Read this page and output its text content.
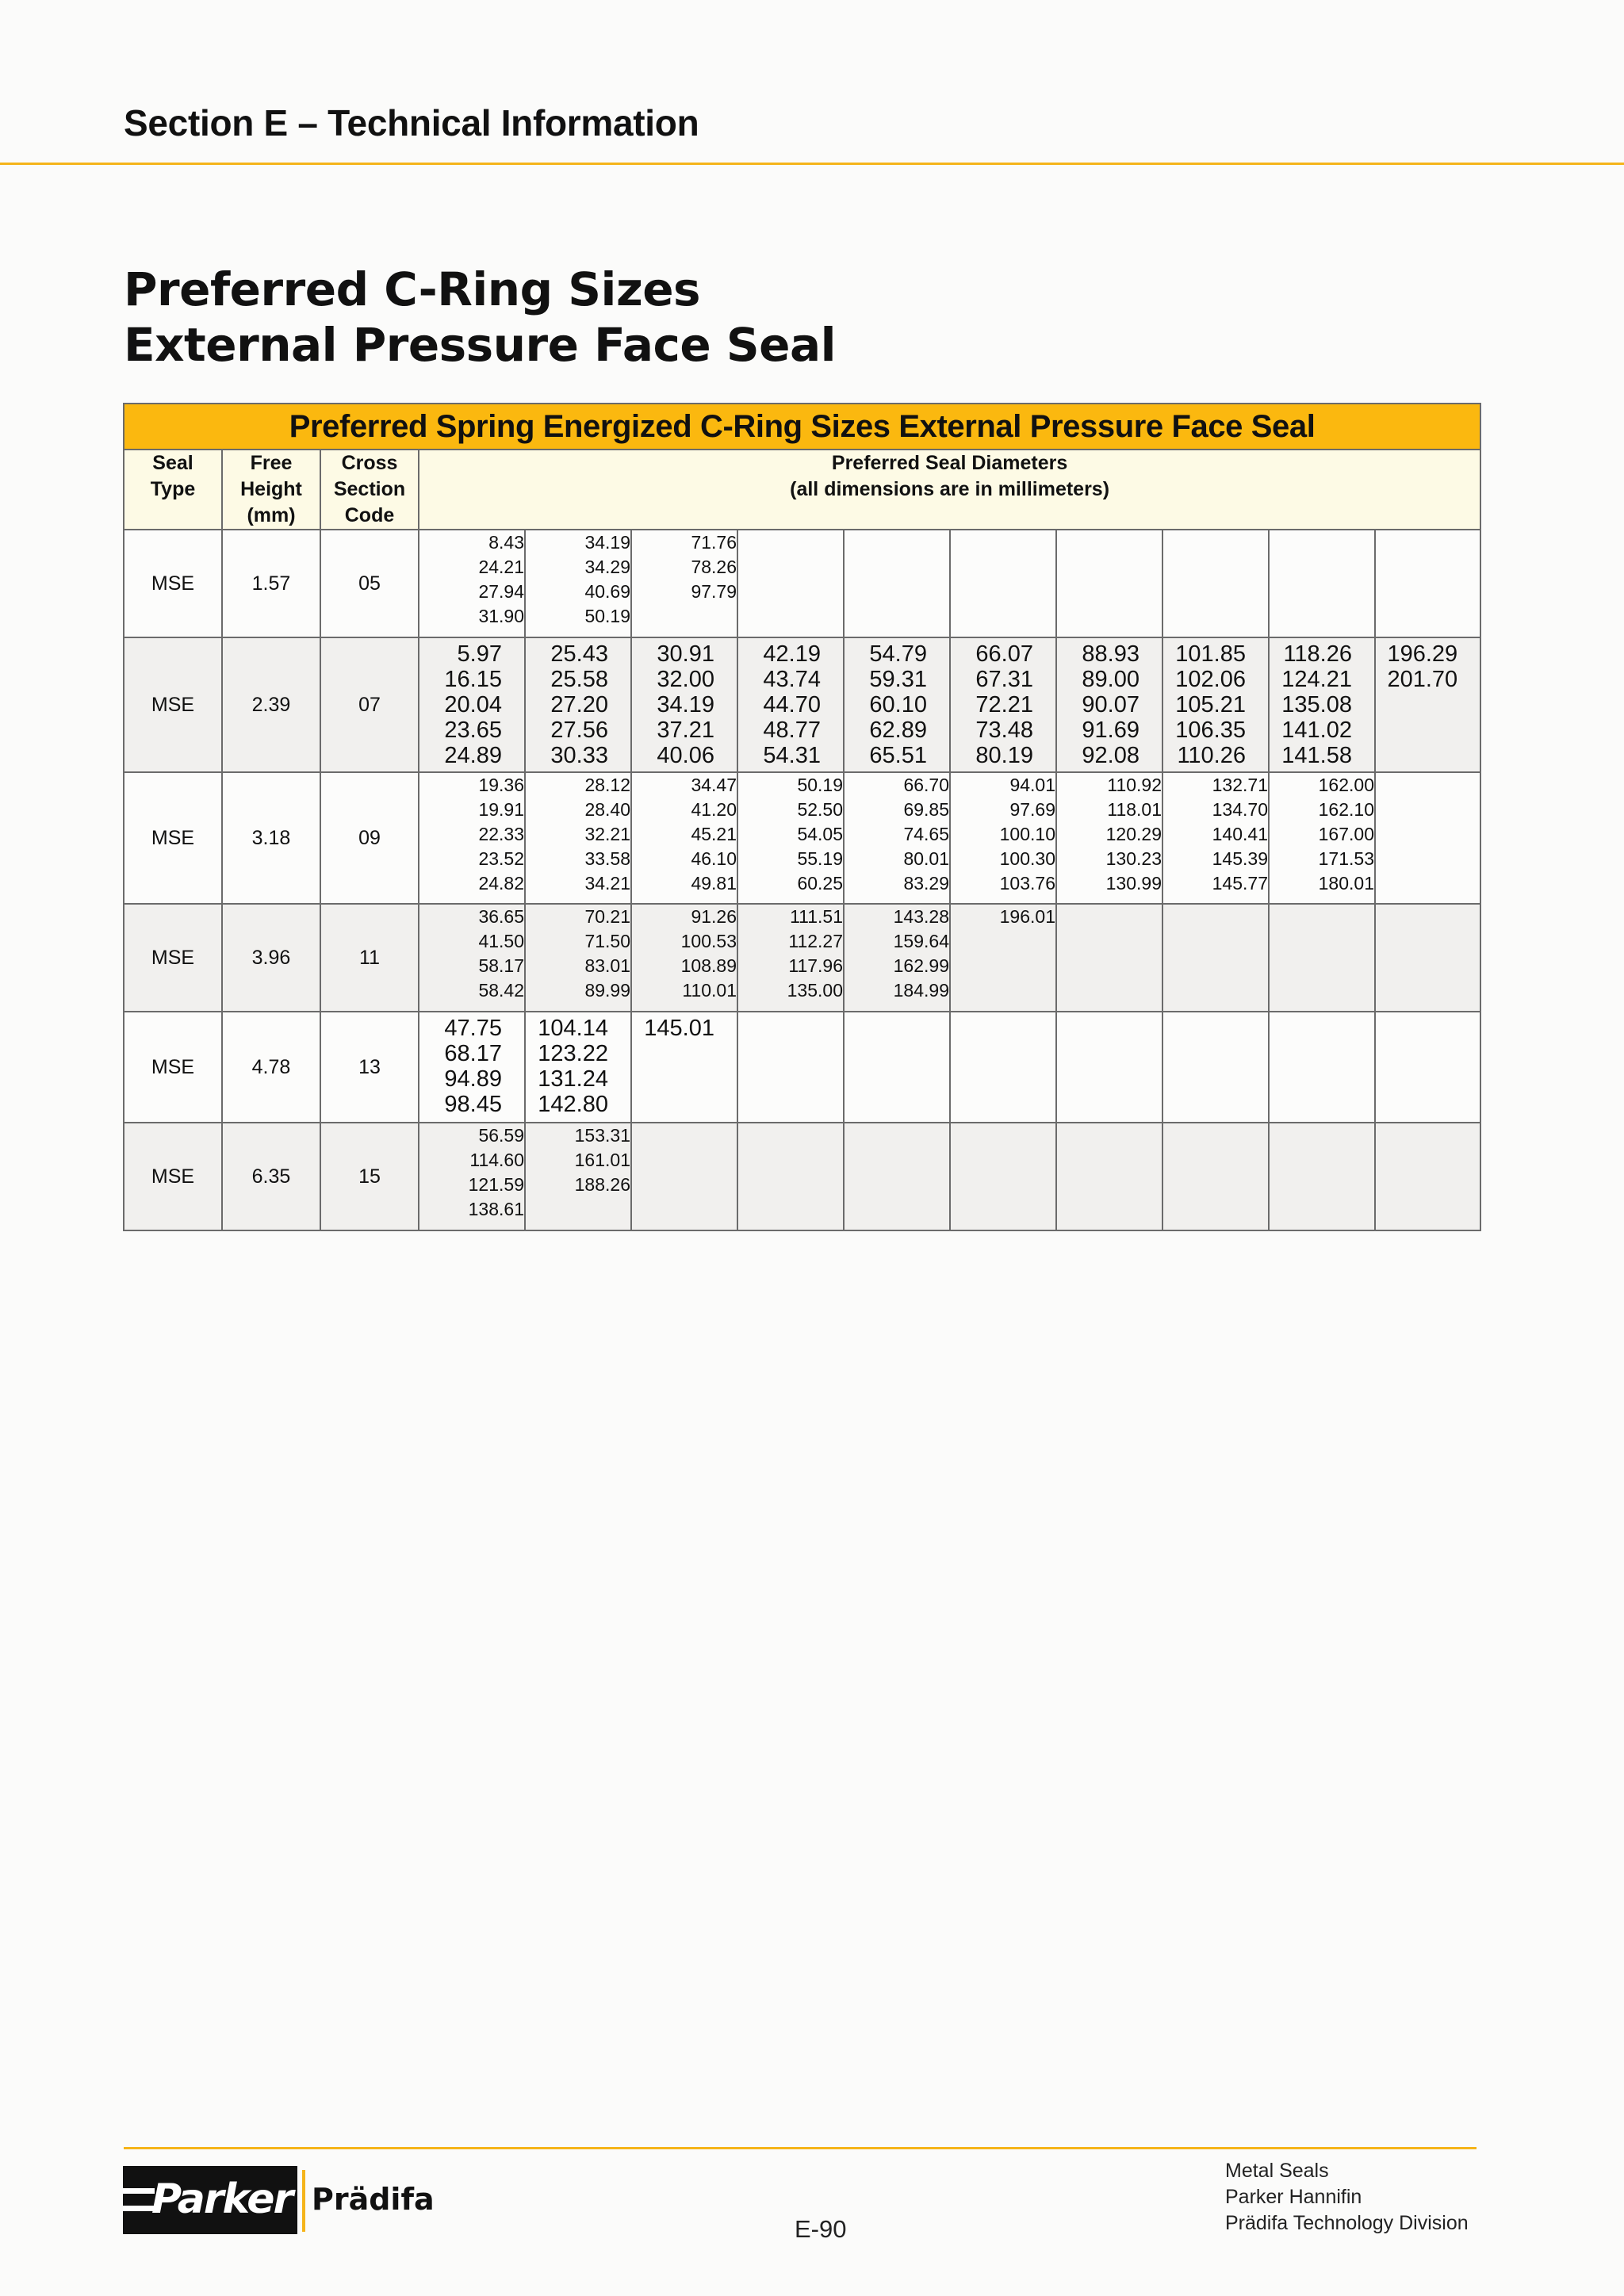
Section E – Technical Information
Preferred C-Ring Sizes
External Pressure Face Seal
Preferred Spring Energized C-Ring Sizes External Pressure Face Seal												

Seal
Type	Free
Height
(mm)	Cross
Section
Code	Preferred Seal Diameters
(all dimensions are in millimeters)									

MSE	1.57	05	8.43
24.21
27.94
31.90	34.19
34.29
40.69
50.19	71.76
78.26
97.79							

MSE	2.39	07	5.97
16.15
20.04
23.65
24.89	25.43
25.58
27.20
27.56
30.33	30.91
32.00
34.19
37.21
40.06	42.19
43.74
44.70
48.77
54.31	54.79
59.31
60.10
62.89
65.51	66.07
67.31
72.21
73.48
80.19	88.93
89.00
90.07
91.69
92.08	101.85
102.06
105.21
106.35
110.26	118.26
124.21
135.08
141.02
141.58	196.29
201.70

MSE	3.18	09	19.36
19.91
22.33
23.52
24.82	28.12
28.40
32.21
33.58
34.21	34.47
41.20
45.21
46.10
49.81	50.19
52.50
54.05
55.19
60.25	66.70
69.85
74.65
80.01
83.29	94.01
97.69
100.10
100.30
103.76	110.92
118.01
120.29
130.23
130.99	132.71
134.70
140.41
145.39
145.77	162.00
162.10
167.00
171.53
180.01	

MSE	3.96	11	36.65
41.50
58.17
58.42	70.21
71.50
83.01
89.99	91.26
100.53
108.89
110.01	111.51
112.27
117.96
135.00	143.28
159.64
162.99
184.99	196.01				

MSE	4.78	13	47.75
68.17
94.89
98.45	104.14
123.22
131.24
142.80	145.01							

MSE	6.35	15	56.59
114.60
121.59
138.61	153.31
161.01
188.26								

Parker Prädifa
E-90
Metal Seals
Parker Hannifin
Prädifa Technology Division
